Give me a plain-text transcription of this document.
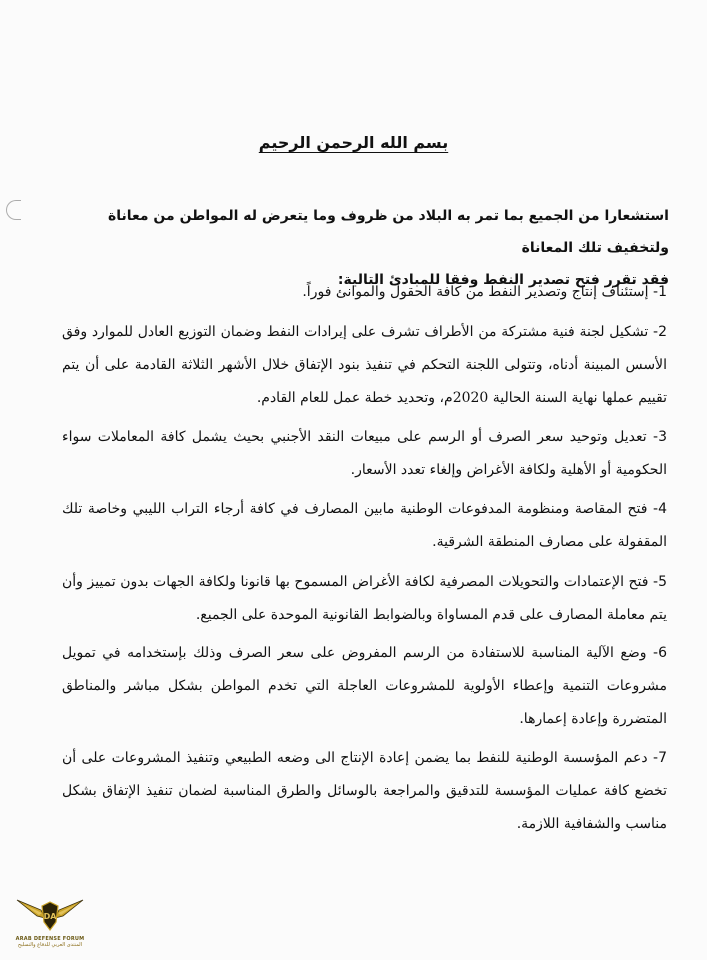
بسم الله الرحمن الرحيم
استشعارا من الجميع بما تمر به البلاد من ظروف وما يتعرض له المواطن من معاناة ولتخفيف تلك المعاناة
فقد تقرر فتح تصدير النفط وفقا للمبادئ التالية:
1- إستئناف إنتاج وتصدير النفط من كافة الحقول والموانئ فوراً.
2- تشكيل لجنة فنية مشتركة من الأطراف تشرف على إيرادات النفط وضمان التوزيع العادل للموارد وفق الأسس المبينة أدناه، وتتولى اللجنة التحكم في تنفيذ بنود الإتفاق خلال الأشهر الثلاثة القادمة على أن يتم تقييم عملها نهاية السنة الحالية 2020م، وتحديد خطة عمل للعام القادم.
3- تعديل وتوحيد سعر الصرف أو الرسم على مبيعات النقد الأجنبي بحيث يشمل كافة المعاملات سواء الحكومية أو الأهلية ولكافة الأغراض وإلغاء تعدد الأسعار.
4- فتح المقاصة ومنظومة المدفوعات الوطنية مابين المصارف في كافة أرجاء التراب الليبي وخاصة تلك المقفولة على مصارف المنطقة الشرقية.
5- فتح الإعتمادات والتحويلات المصرفية لكافة الأغراض المسموح بها قانونا ولكافة الجهات بدون تمييز وأن يتم معاملة المصارف على قدم المساواة وبالضوابط القانونية الموحدة على الجميع.
6- وضع الآلية المناسبة للاستفادة من الرسم المفروض على سعر الصرف وذلك بإستخدامه في تمويل مشروعات التنمية وإعطاء الأولوية للمشروعات العاجلة التي تخدم المواطن بشكل مباشر والمناطق المتضررة وإعادة إعمارها.
7- دعم المؤسسة الوطنية للنفط بما يضمن إعادة الإنتاج الى وضعه الطبيعي وتنفيذ المشروعات على أن تخضع كافة عمليات المؤسسة للتدقيق والمراجعة بالوسائل والطرق المناسبة لضمان تنفيذ الإتفاق بشكل مناسب والشفافية اللازمة.
DA
ARAB DEFENSE FORUM
المنتدى العربي للدفاع والتسليح
